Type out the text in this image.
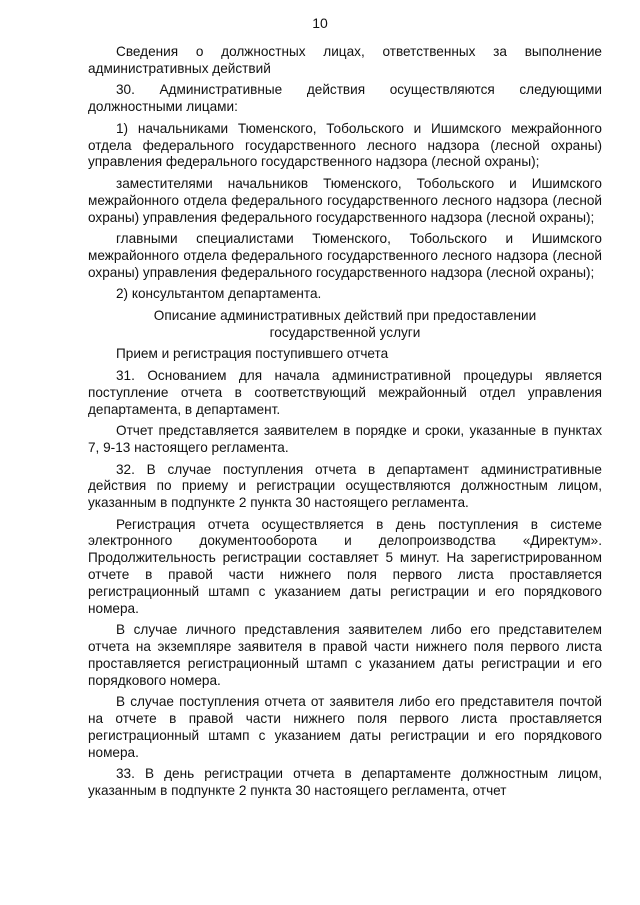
10

Сведения о должностных лицах, ответственных за выполнение административных действий

30. Административные действия осуществляются следующими должностными лицами:

1) начальниками Тюменского, Тобольского и Ишимского межрайонного отдела федерального государственного лесного надзора (лесной охраны) управления федерального государственного надзора (лесной охраны);

заместителями начальников Тюменского, Тобольского и Ишимского межрайонного отдела федерального государственного лесного надзора (лесной охраны) управления федерального государственного надзора (лесной охраны);

главными специалистами Тюменского, Тобольского и Ишимского межрайонного отдела федерального государственного лесного надзора (лесной охраны) управления федерального государственного надзора (лесной охраны);

2) консультантом департамента.

Описание административных действий при предоставлении государственной услуги

Прием и регистрация поступившего отчета

31. Основанием для начала административной процедуры является поступление отчета в соответствующий межрайонный отдел управления департамента, в департамент.

Отчет представляется заявителем в порядке и сроки, указанные в пунктах 7, 9-13 настоящего регламента.

32. В случае поступления отчета в департамент административные действия по приему и регистрации осуществляются должностным лицом, указанным в подпункте 2 пункта 30 настоящего регламента.

Регистрация отчета осуществляется в день поступления в системе электронного документооборота и делопроизводства «Директум». Продолжительность регистрации составляет 5 минут. На зарегистрированном отчете в правой части нижнего поля первого листа проставляется регистрационный штамп с указанием даты регистрации и его порядкового номера.

В случае личного представления заявителем либо его представителем отчета на экземпляре заявителя в правой части нижнего поля первого листа проставляется регистрационный штамп с указанием даты регистрации и его порядкового номера.

В случае поступления отчета от заявителя либо его представителя почтой на отчете в правой части нижнего поля первого листа проставляется регистрационный штамп с указанием даты регистрации и его порядкового номера.

33. В день регистрации отчета в департаменте должностным лицом, указанным в подпункте 2 пункта 30 настоящего регламента, отчет
